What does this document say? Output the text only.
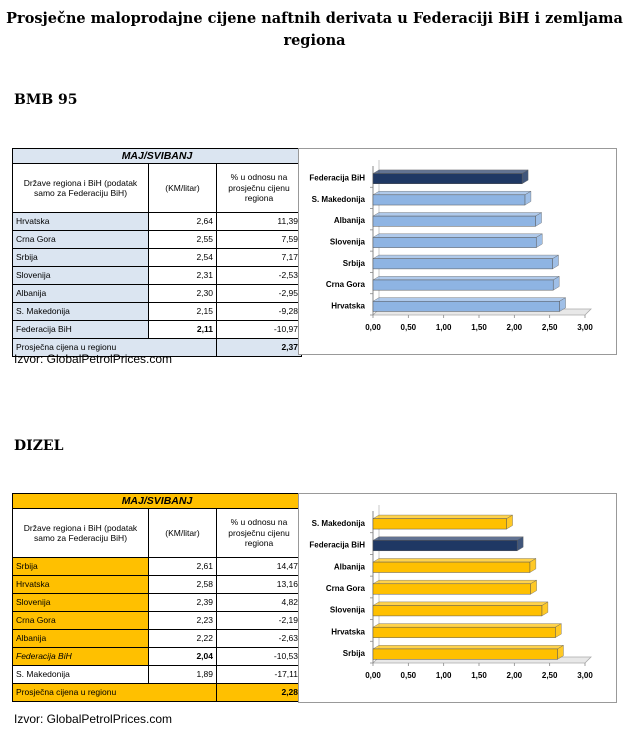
Prosječne maloprodajne cijene naftnih derivata u Federaciji BiH i zemljama regiona
BMB 95
MAJ/SVIBANJ		
Države regiona i BiH (podatak samo za Federaciju BiH)	(KM/litar)	% u odnosu na prosječnu cijenu regiona
Hrvatska	2,64	11,39
Crna Gora	2,55	7,59
Srbija	2,54	7,17
Slovenija	2,31	-2,53
Albanija	2,30	-2,95
S. Makedonija	2,15	-9,28
Federacija BiH	2,11	-10,97
Prosječna cijena u regionu		2,37
Izvor: GlobalPetrolPrices.com
Federacija BiH
S. Makedonija
Albanija
Slovenija
Srbija
Crna Gora
Hrvatska
0,00 0,50 1,00 1,50 2,00 2,50 3,00
DIZEL
MAJ/SVIBANJ		
Države regiona i BiH (podatak samo za Federaciju BiH)	(KM/litar)	% u odnosu na prosječnu cijenu regiona
Srbija	2,61	14,47
Hrvatska	2,58	13,16
Slovenija	2,39	4,82
Crna Gora	2,23	-2,19
Albanija	2,22	-2,63
Federacija BiH	2,04	-10,53
S. Makedonija	1,89	-17,11
Prosječna cijena u regionu		2,28
Izvor: GlobalPetrolPrices.com
S. Makedonija
Federacija BiH
Albanija
Crna Gora
Slovenija
Hrvatska
Srbija
0,00 0,50 1,00 1,50 2,00 2,50 3,00
